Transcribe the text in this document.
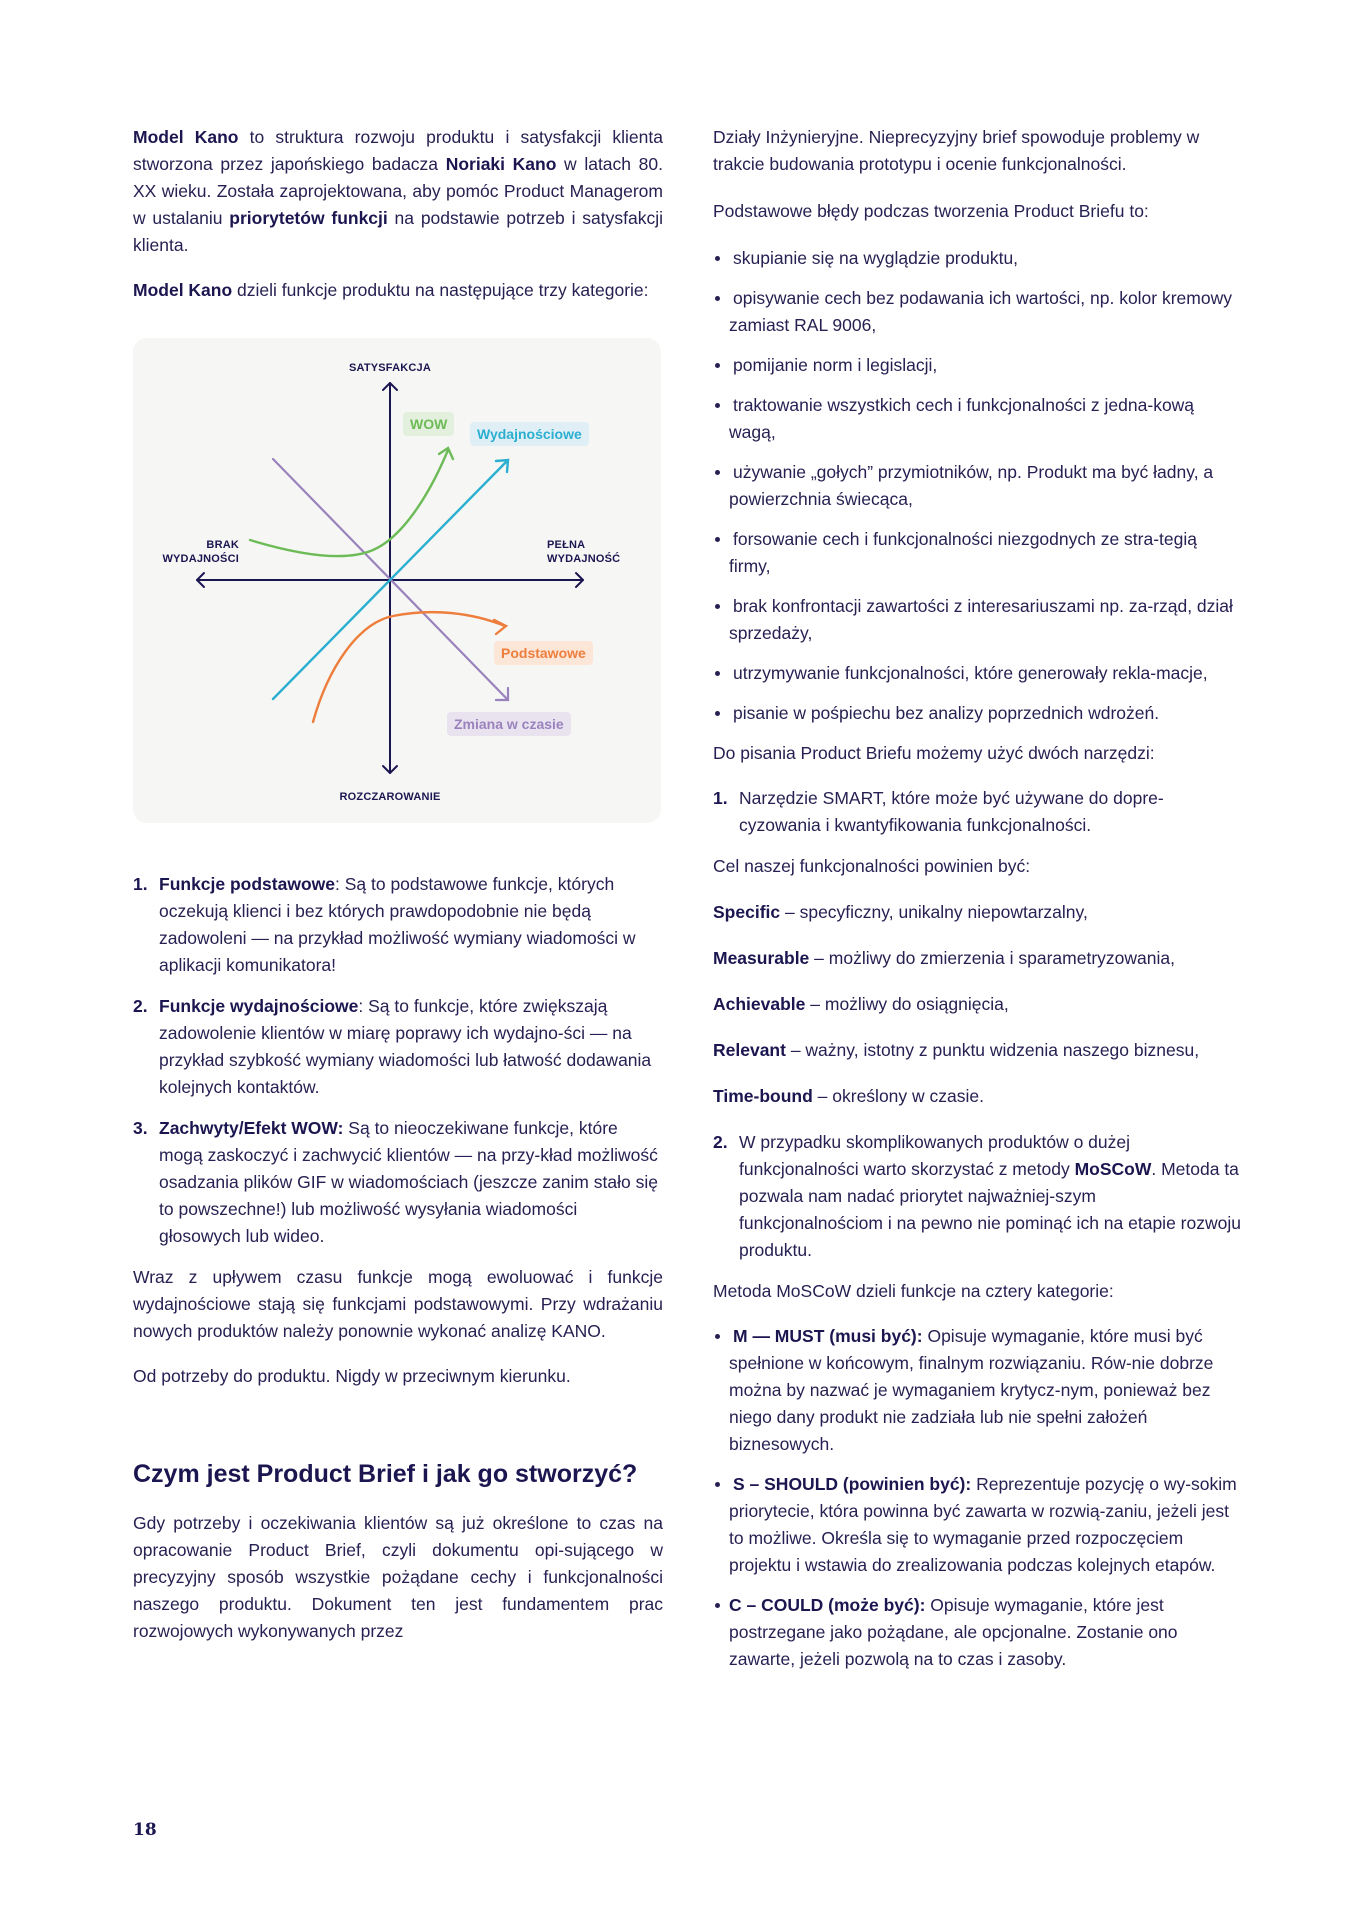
Model Kano to struktura rozwoju produktu i satysfakcji klienta stworzona przez japońskiego badacza Noriaki Kano w latach 80. XX wieku. Została zaprojektowana, aby pomóc Product Managerom w ustalaniu priorytetów funkcji na podstawie potrzeb i satysfakcji klienta.

Model Kano dzieli funkcje produktu na następujące trzy kategorie:

SATYSFAKCJA
ROZCZAROWANIE
BRAK
WYDAJNOŚCI
PEŁNA
WYDAJNOŚĆ
WOW
Wydajnościowe
Podstawowe
Zmiana w czasie
1. Funkcje podstawowe: Są to podstawowe funkcje, których oczekują klienci i bez których prawdopodobnie nie będą zadowoleni — na przykład możliwość wymiany wiadomości w aplikacji komunikatora!
2. Funkcje wydajnościowe: Są to funkcje, które zwiększają zadowolenie klientów w miarę poprawy ich wydajno-ści — na przykład szybkość wymiany wiadomości lub łatwość dodawania kolejnych kontaktów.
3. Zachwyty/Efekt WOW: Są to nieoczekiwane funkcje, które mogą zaskoczyć i zachwycić klientów — na przy-kład możliwość osadzania plików GIF w wiadomościach (jeszcze zanim stało się to powszechne!) lub możliwość wysyłania wiadomości głosowych lub wideo.

Wraz z upływem czasu funkcje mogą ewoluować i funkcje wydajnościowe stają się funkcjami podstawowymi. Przy wdrażaniu nowych produktów należy ponownie wykonać analizę KANO.

Od potrzeby do produktu. Nigdy w przeciwnym kierunku.

Czym jest Product Brief i jak go stworzyć?

Gdy potrzeby i oczekiwania klientów są już określone to czas na opracowanie Product Brief, czyli dokumentu opi-sującego w precyzyjny sposób wszystkie pożądane cechy i funkcjonalności naszego produktu. Dokument ten jest fundamentem prac rozwojowych wykonywanych przez

Działy Inżynieryjne. Nieprecyzyjny brief spowoduje problemy w trakcie budowania prototypu i ocenie funkcjonalności.

Podstawowe błędy podczas tworzenia Product Briefu to:

skupianie się na wyglądzie produktu,
opisywanie cech bez podawania ich wartości, np. kolor kremowy zamiast RAL 9006,
pomijanie norm i legislacji,
traktowanie wszystkich cech i funkcjonalności z jedna-kową wagą,
używanie „gołych” przymiotników, np. Produkt ma być ładny, a powierzchnia świecąca,
forsowanie cech i funkcjonalności niezgodnych ze stra-tegią firmy,
brak konfrontacji zawartości z interesariuszami np. za-rząd, dział sprzedaży,
utrzymywanie funkcjonalności, które generowały rekla-macje,
pisanie w pośpiechu bez analizy poprzednich wdrożeń.

Do pisania Product Briefu możemy użyć dwóch narzędzi:

1. Narzędzie SMART, które może być używane do dopre-cyzowania i kwantyfikowania funkcjonalności.

Cel naszej funkcjonalności powinien być:

Specific – specyficzny, unikalny niepowtarzalny,

Measurable – możliwy do zmierzenia i sparametryzowania,

Achievable – możliwy do osiągnięcia,

Relevant – ważny, istotny z punktu widzenia naszego biznesu,

Time-bound – określony w czasie.

2. W przypadku skomplikowanych produktów o dużej funkcjonalności warto skorzystać z metody MoSCoW. Metoda ta pozwala nam nadać priorytet najważniej-szym funkcjonalnościom i na pewno nie pominąć ich na etapie rozwoju produktu.

Metoda MoSCoW dzieli funkcje na cztery kategorie:

M — MUST (musi być): Opisuje wymaganie, które musi być spełnione w końcowym, finalnym rozwiązaniu. Rów-nie dobrze można by nazwać je wymaganiem krytycz-nym, ponieważ bez niego dany produkt nie zadziała lub nie spełni założeń biznesowych.
S – SHOULD (powinien być): Reprezentuje pozycję o wy-sokim priorytecie, która powinna być zawarta w rozwią-zaniu, jeżeli jest to możliwe. Określa się to wymaganie przed rozpoczęciem projektu i wstawia do zrealizowania podczas kolejnych etapów.
C – COULD (może być): Opisuje wymaganie, które jest postrzegane jako pożądane, ale opcjonalne. Zostanie ono zawarte, jeżeli pozwolą na to czas i zasoby.
18
